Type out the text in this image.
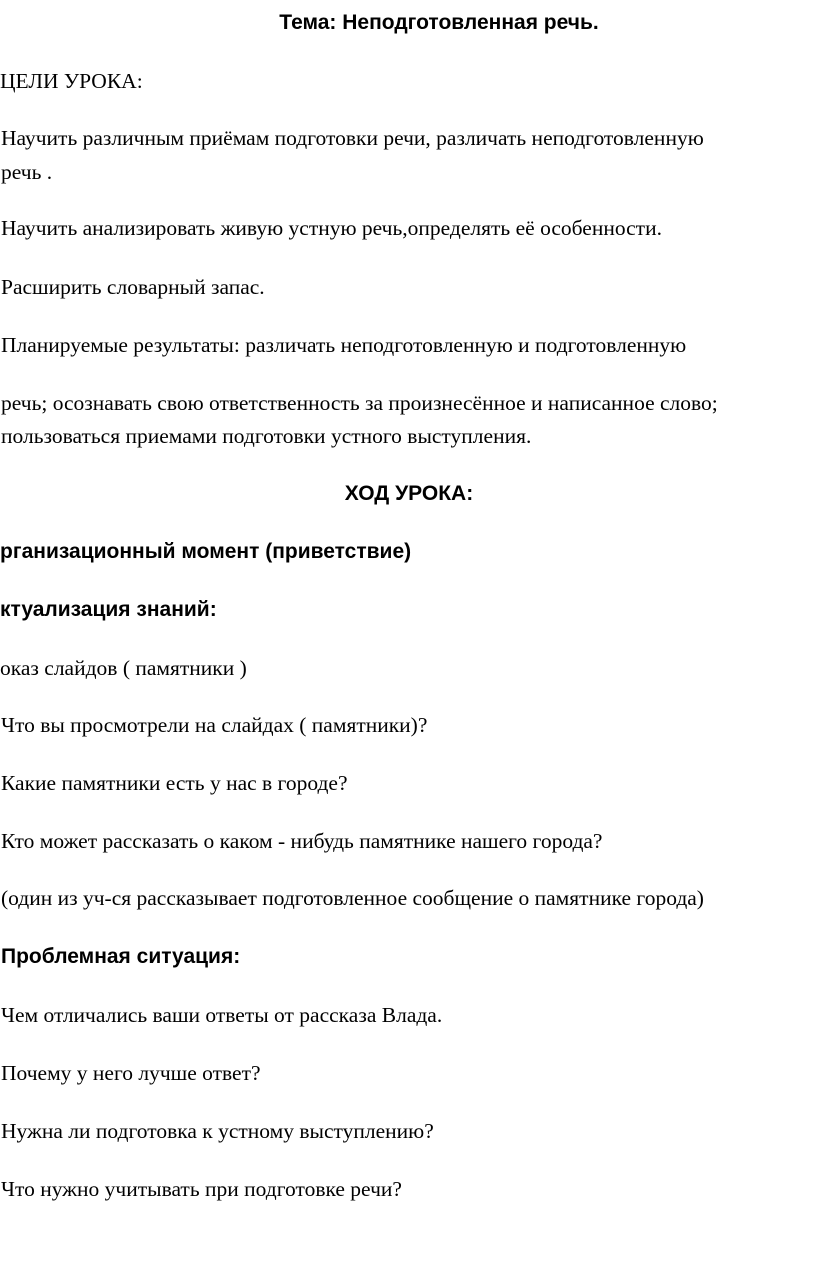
Тема: Неподготовленная речь.

ЦЕЛИ УРОКА:

Научить различным приёмам подготовки речи, различать неподготовленную

речь .

Научить анализировать живую устную речь,определять её особенности.

Расширить словарный запас.

Планируемые результаты: различать неподготовленную и подготовленную

речь; осознавать свою ответственность за произнесённое и написанное слово;

пользоваться приемами подготовки устного выступления.

ХОД УРОКА:
рганизационный момент (приветствие)
ктуализация знаний:

оказ слайдов ( памятники )

Что вы просмотрели на слайдах ( памятники)?

Какие памятники есть у нас в городе?

Кто может рассказать о каком - нибудь памятнике нашего города?

(один из уч-ся рассказывает подготовленное сообщение о памятнике города)

Проблемная ситуация:

Чем отличались ваши ответы от рассказа Влада.

Почему у него лучше ответ?

Нужна ли подготовка к устному выступлению?

Что нужно учитывать при подготовке речи?
